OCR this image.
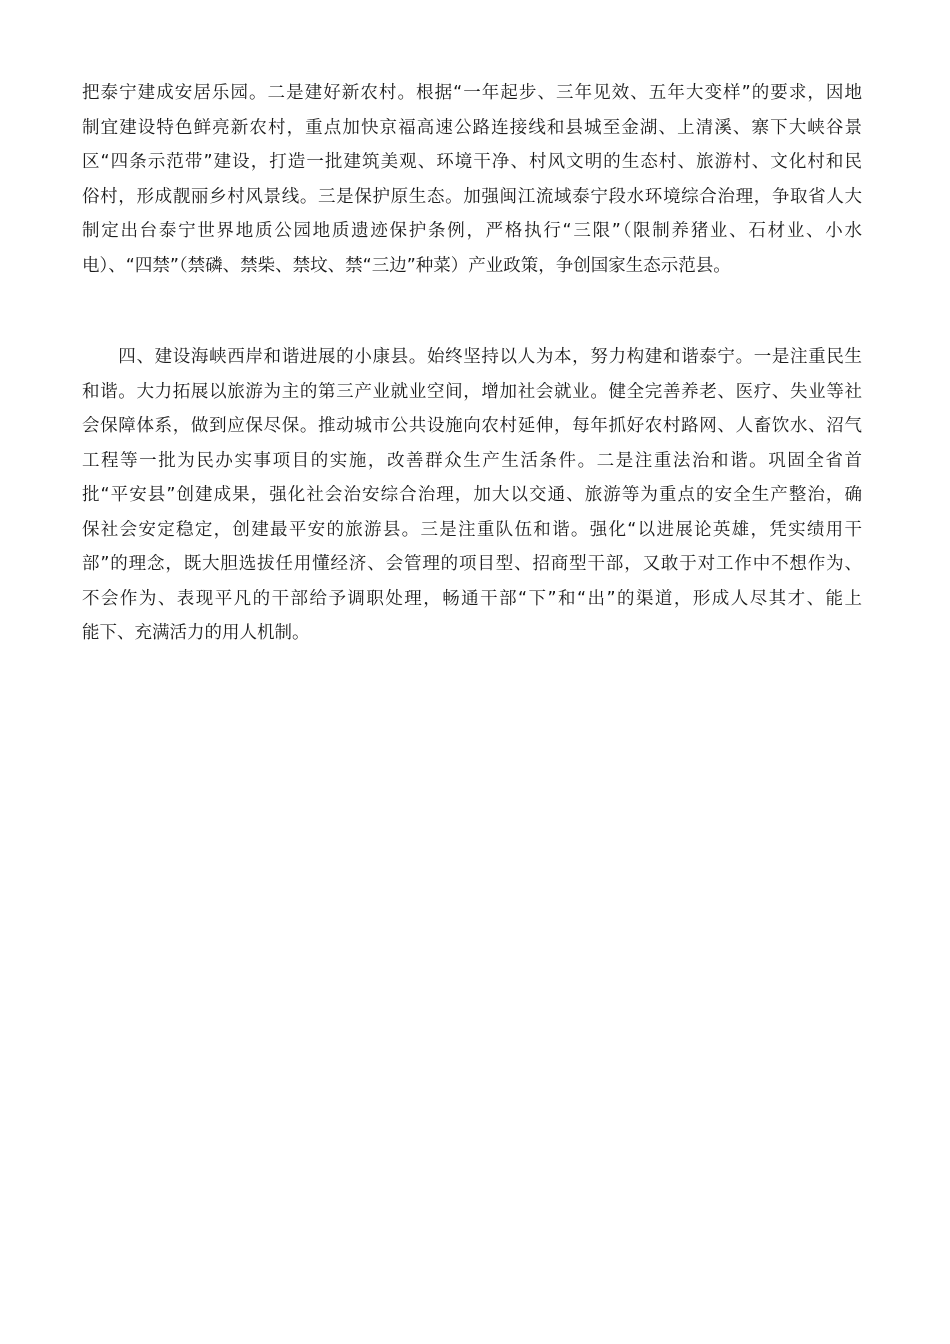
把泰宁建成安居乐园。二是建好新农村。根据“一年起步、三年见效、五年大变样”的要求，因地
制宜建设特色鲜亮新农村，重点加快京福高速公路连接线和县城至金湖、上清溪、寨下大峡谷景
区“四条示范带”建设，打造一批建筑美观、环境干净、村风文明的生态村、旅游村、文化村和民
俗村，形成靓丽乡村风景线。三是保护原生态。加强闽江流域泰宁段水环境综合治理，争取省人大
制定出台泰宁世界地质公园地质遗迹保护条例，严格执行“三限”（限制养猪业、石材业、小水
电）、“四禁”（禁磷、禁柴、禁坟、禁“三边”种菜）产业政策，争创国家生态示范县。
　　四、建设海峡西岸和谐进展的小康县。始终坚持以人为本，努力构建和谐泰宁。一是注重民生
和谐。大力拓展以旅游为主的第三产业就业空间，增加社会就业。健全完善养老、医疗、失业等社
会保障体系，做到应保尽保。推动城市公共设施向农村延伸，每年抓好农村路网、人畜饮水、沼气
工程等一批为民办实事项目的实施，改善群众生产生活条件。二是注重法治和谐。巩固全省首
批“平安县”创建成果，强化社会治安综合治理，加大以交通、旅游等为重点的安全生产整治，确
保社会安定稳定，创建最平安的旅游县。三是注重队伍和谐。强化“以进展论英雄，凭实绩用干
部”的理念，既大胆选拔任用懂经济、会管理的项目型、招商型干部，又敢于对工作中不想作为、
不会作为、表现平凡的干部给予调职处理，畅通干部“下”和“出”的渠道，形成人尽其才、能上
能下、充满活力的用人机制。
